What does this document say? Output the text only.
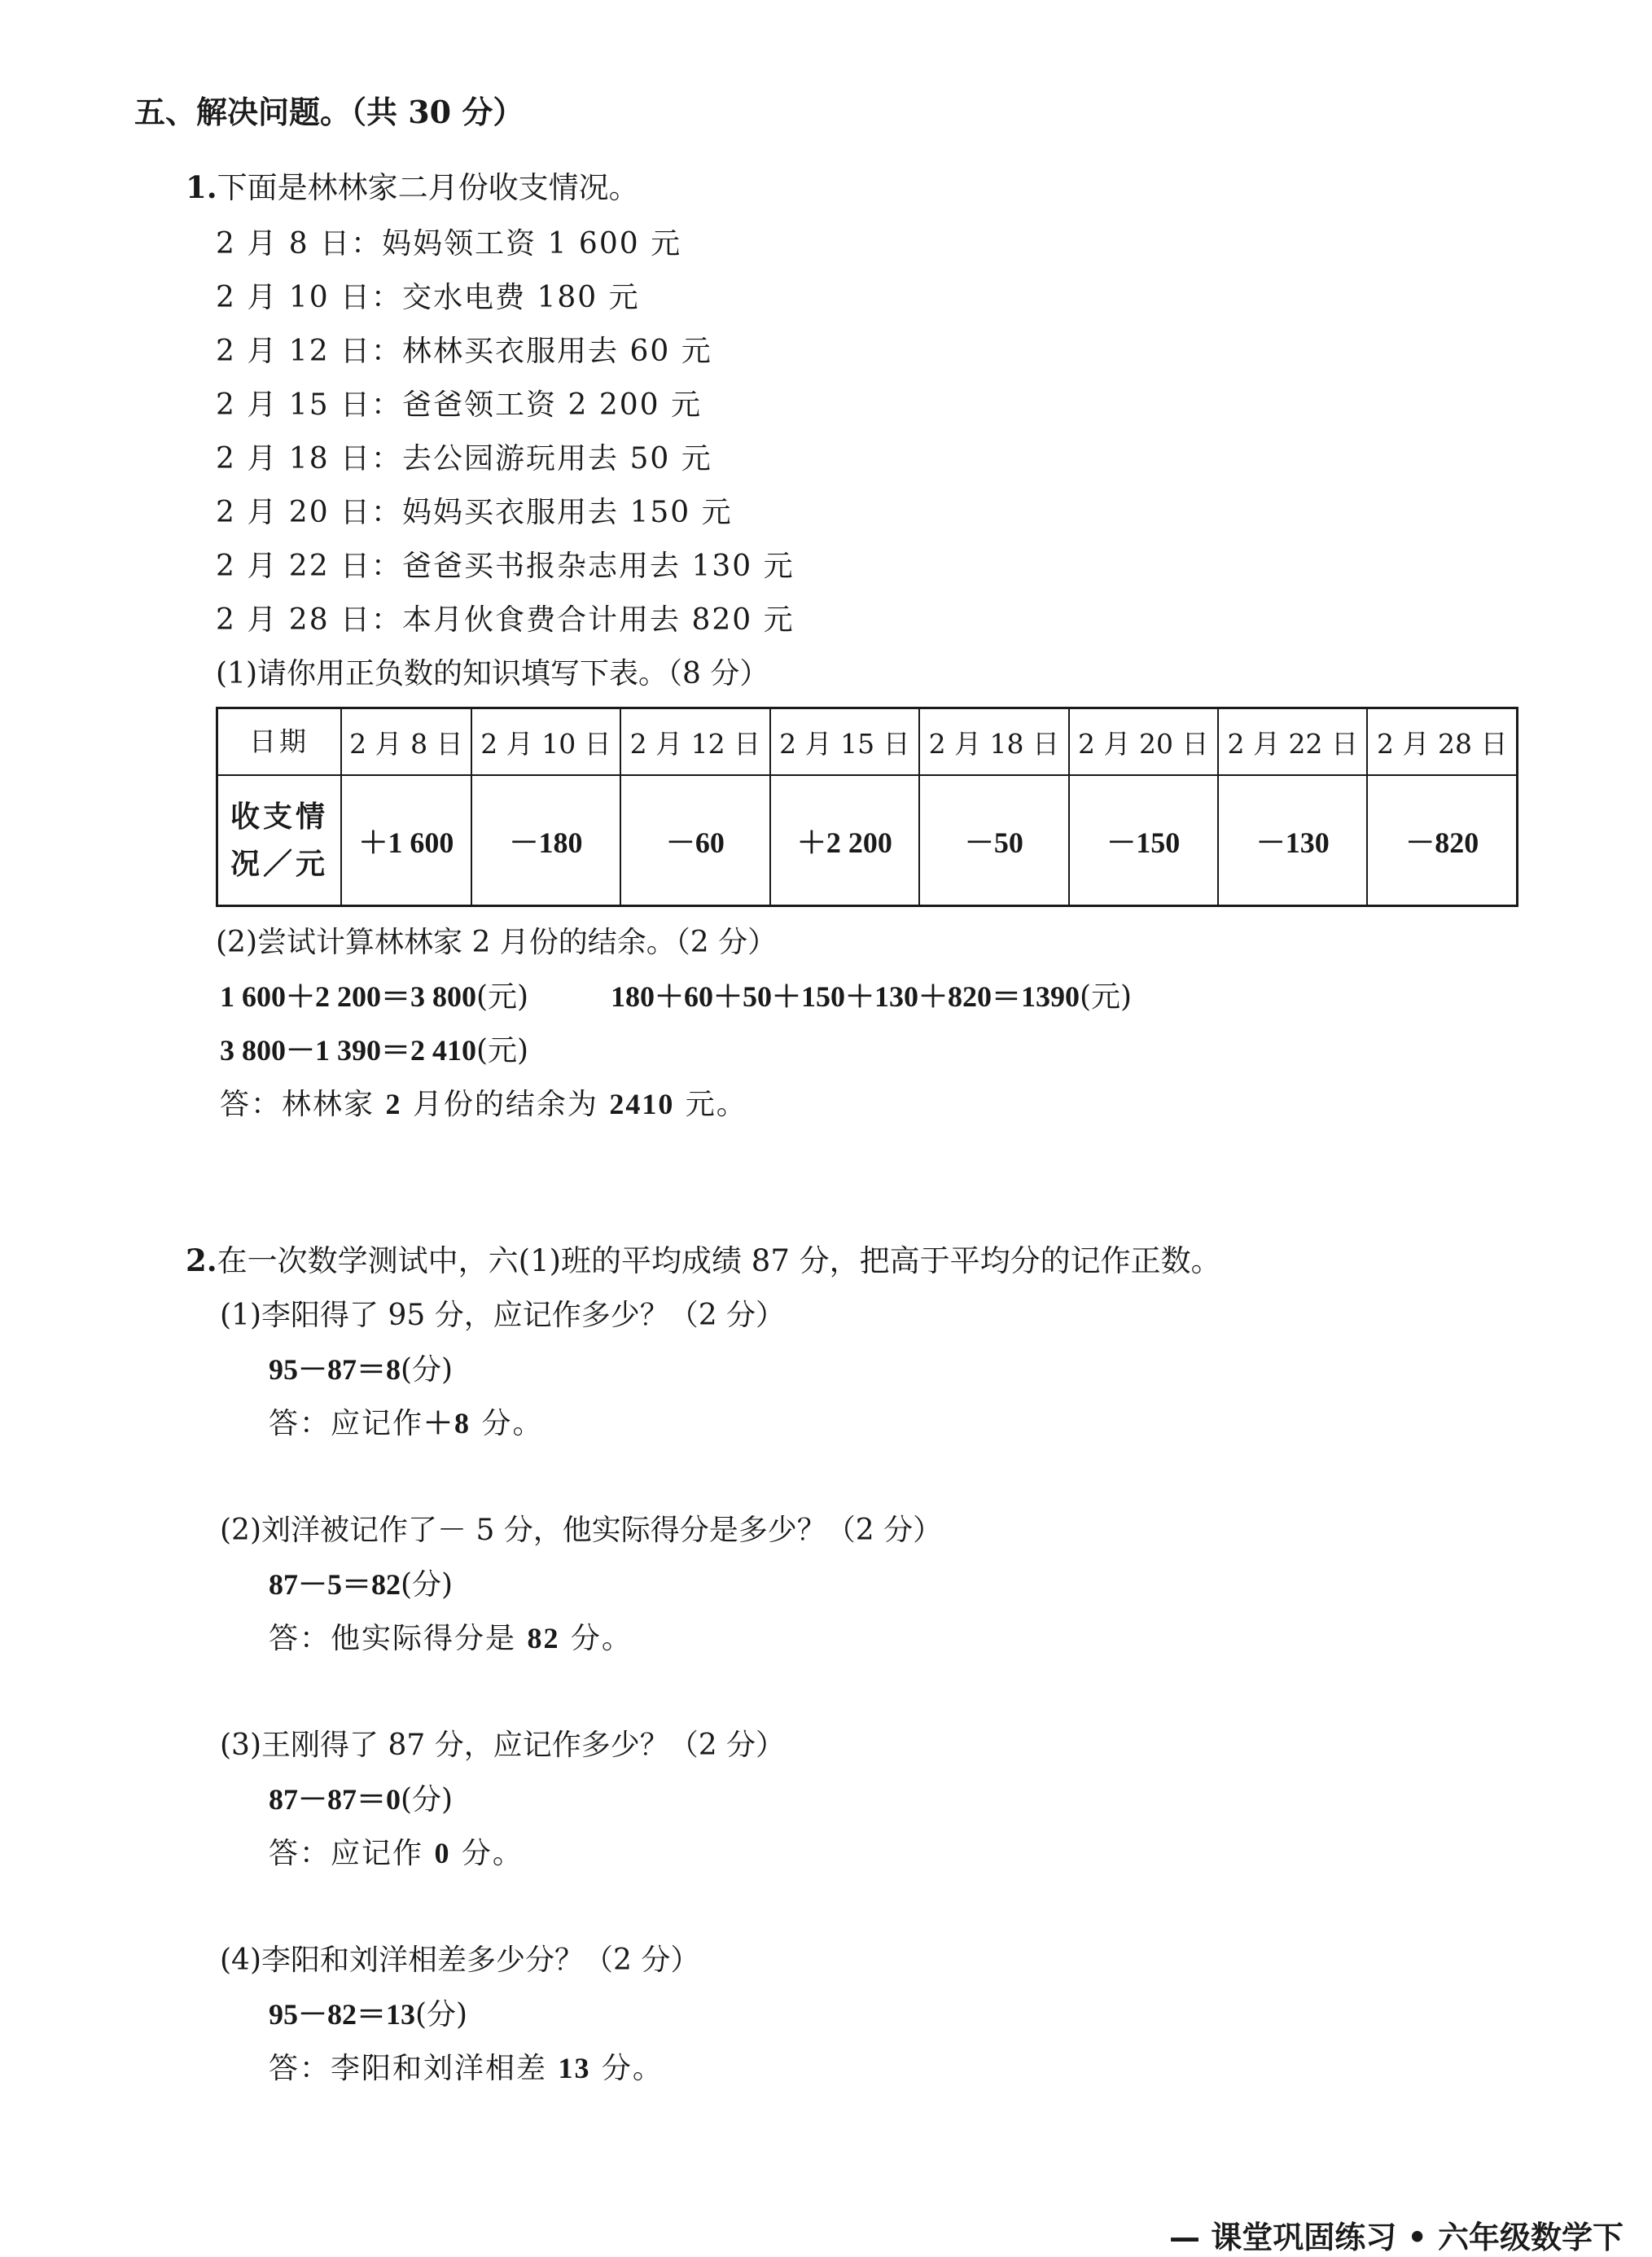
五、解决问题。（共 30 分）
1.下面是林林家二月份收支情况。
2 月 8 日：妈妈领工资 1 600 元
2 月 10 日：交水电费 180 元
2 月 12 日：林林买衣服用去 60 元
2 月 15 日：爸爸领工资 2 200 元
2 月 18 日：去公园游玩用去 50 元
2 月 20 日：妈妈买衣服用去 150 元
2 月 22 日：爸爸买书报杂志用去 130 元
2 月 28 日：本月伙食费合计用去 820 元
(1)请你用正负数的知识填写下表。（8 分）
日期	2 月 8 日	2 月 10 日	2 月 12 日	2 月 15 日	2 月 18 日	2 月 20 日	2 月 22 日	2 月 28 日

收支情
况／元	＋1 600	－180	－60	＋2 200	－50	－150	－130	－820
(2)尝试计算林林家 2 月份的结余。（2 分）
1 600＋2 200＝3 800(元)	180＋60＋50＋150＋130＋820＝1390(元)
3 800－1 390＝2 410(元)
答：林林家 2 月份的结余为 2410 元。
2.在一次数学测试中，六(1)班的平均成绩 87 分，把高于平均分的记作正数。
(1)李阳得了 95 分，应记作多少？（2 分）
95－87＝8(分)
答：应记作＋8 分。
(2)刘洋被记作了－ 5 分，他实际得分是多少？（2 分）
87－5＝82(分)
答：他实际得分是 82 分。
(3)王刚得了 87 分，应记作多少？（2 分）
87－87＝0(分)
答：应记作 0 分。
(4)李阳和刘洋相差多少分？（2 分）
95－82＝13(分)
答：李阳和刘洋相差 13 分。
— 课堂巩固练习 • 六年级数学下
